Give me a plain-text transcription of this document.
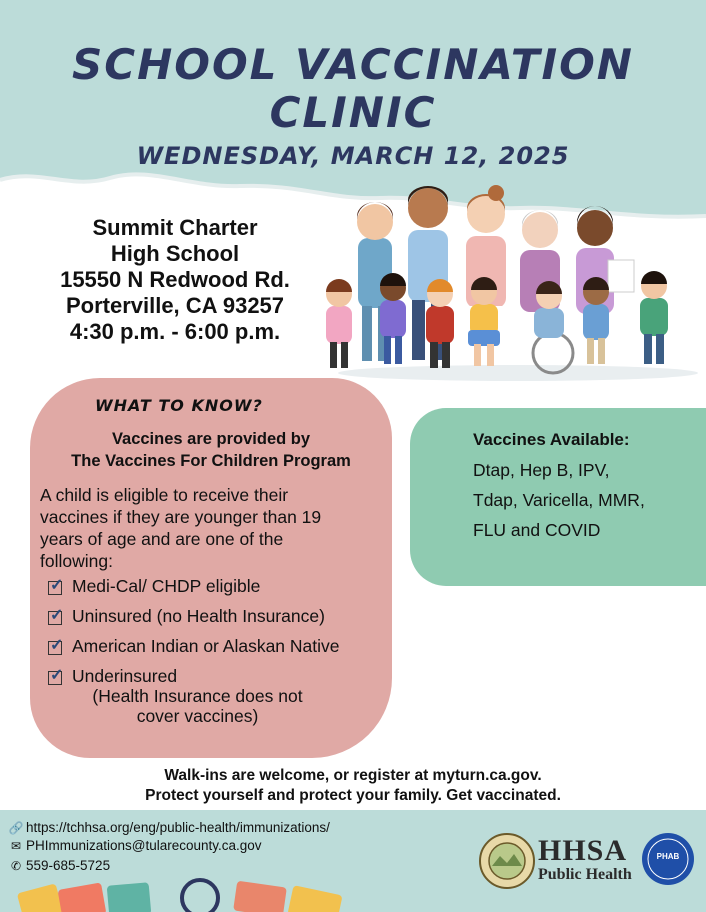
SCHOOL VACCINATION
CLINIC
WEDNESDAY, MARCH 12, 2025
Summit Charter
High School
15550 N Redwood Rd.
Porterville, CA 93257
4:30 p.m. - 6:00 p.m.
WHAT TO KNOW?
Vaccines are provided by
The Vaccines For Children Program
A child is eligible to receive their
vaccines if they are younger than 19
years of age and are one of the
following:
✓ Medi-Cal/ CHDP eligible
✓ Uninsured (no Health Insurance)
✓ American Indian or Alaskan Native
✓ Underinsured
(Health Insurance does not
cover vaccines)
Vaccines Available:
Dtap, Hep B, IPV,
Tdap, Varicella, MMR,
FLU and COVID
Walk-ins are welcome, or register at myturn.ca.gov.
Protect yourself and protect your family. Get vaccinated.
🔗 https://tchhsa.org/eng/public-health/immunizations/
✉ PHImmunizations@tularecounty.ca.gov
✆ 559-685-5725	HHSA
Public Health
PHAB
